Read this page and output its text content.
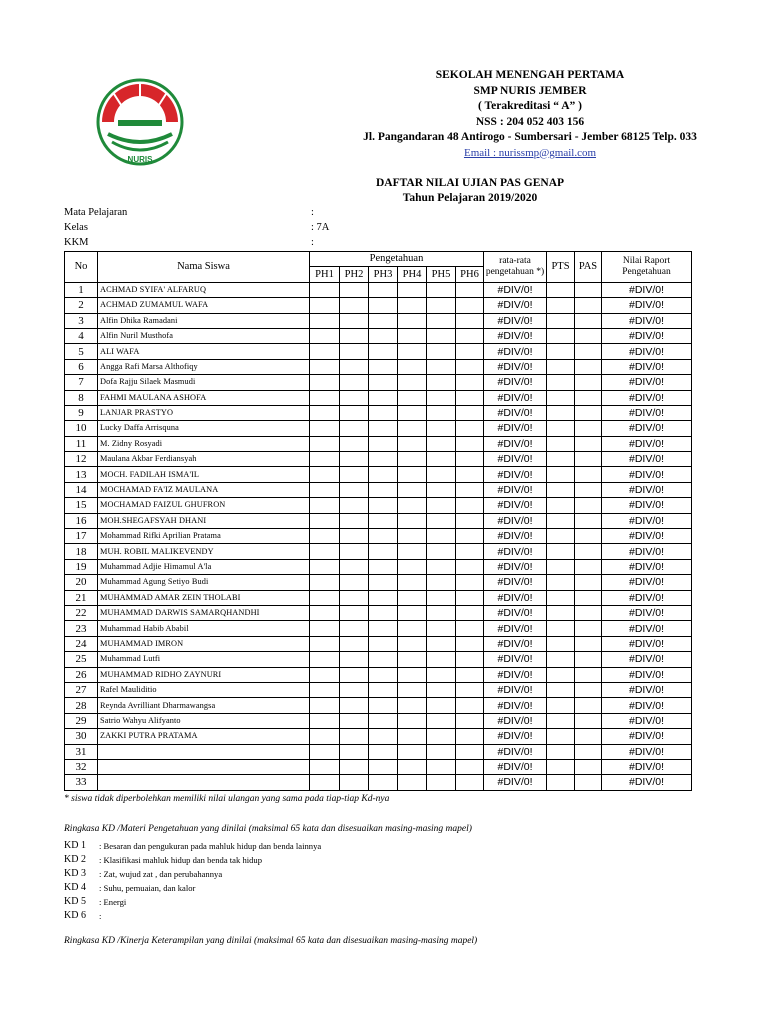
NURIS
SEKOLAH MENENGAH PERTAMA
SMP NURIS JEMBER
( Terakreditasi “ A” )
NSS : 204 052 403 156
Jl. Pangandaran 48 Antirogo - Sumbersari - Jember 68125 Telp. 033
Email : nurissmp@gmail.com
DAFTAR NILAI UJIAN PAS GENAP
Tahun Pelajaran 2019/2020
Mata Pelajaran	:
Kelas	: 7A
KKM	:
No	Nama Siswa	Pengetahuan						rata-rata pengetahuan *)	PTS	PAS	Nilai Raport Pengetahuan
		PH1	PH2	PH3	PH4	PH5	PH6				
1	ACHMAD SYIFA' ALFARUQ							#DIV/0!			#DIV/0!
2	ACHMAD ZUMAMUL WAFA							#DIV/0!			#DIV/0!
3	Alfin Dhika Ramadani							#DIV/0!			#DIV/0!
4	Alfin Nuril Musthofa							#DIV/0!			#DIV/0!
5	ALI WAFA							#DIV/0!			#DIV/0!
6	Angga Rafi Marsa Althofiqy							#DIV/0!			#DIV/0!
7	Dofa Rajju Silaek Masmudi							#DIV/0!			#DIV/0!
8	FAHMI MAULANA ASHOFA							#DIV/0!			#DIV/0!
9	LANJAR PRASTYO							#DIV/0!			#DIV/0!
10	Lucky Daffa Arrisquna							#DIV/0!			#DIV/0!
11	M. Zidny Rosyadi							#DIV/0!			#DIV/0!
12	Maulana Akbar Ferdiansyah							#DIV/0!			#DIV/0!
13	MOCH. FADILAH ISMA'IL							#DIV/0!			#DIV/0!
14	MOCHAMAD FA'IZ MAULANA							#DIV/0!			#DIV/0!
15	MOCHAMAD FAIZUL GHUFRON							#DIV/0!			#DIV/0!
16	MOH.SHEGAFSYAH DHANI							#DIV/0!			#DIV/0!
17	Mohammad Rifki Aprilian Pratama							#DIV/0!			#DIV/0!
18	MUH. ROBIL MALIKEVENDY							#DIV/0!			#DIV/0!
19	Muhammad Adjie Himamul A'la							#DIV/0!			#DIV/0!
20	Muhammad Agung Setiyo Budi							#DIV/0!			#DIV/0!
21	MUHAMMAD AMAR ZEIN THOLABI							#DIV/0!			#DIV/0!
22	MUHAMMAD DARWIS SAMARQHANDHI							#DIV/0!			#DIV/0!
23	Muhammad Habib Ababil							#DIV/0!			#DIV/0!
24	MUHAMMAD IMRON							#DIV/0!			#DIV/0!
25	Muhammad Lutfi							#DIV/0!			#DIV/0!
26	MUHAMMAD RIDHO ZAYNURI							#DIV/0!			#DIV/0!
27	Rafel Mauliditio							#DIV/0!			#DIV/0!
28	Reynda Avrilliant Dharmawangsa							#DIV/0!			#DIV/0!
29	Satrio Wahyu Alifyanto							#DIV/0!			#DIV/0!
30	ZAKKI PUTRA PRATAMA							#DIV/0!			#DIV/0!
31								#DIV/0!			#DIV/0!
32								#DIV/0!			#DIV/0!
33								#DIV/0!			#DIV/0!
* siswa tidak diperbolehkan memiliki nilai ulangan yang sama pada tiap-tiap Kd-nya
Ringkasa KD /Materi Pengetahuan yang dinilai (maksimal 65 kata dan disesuaikan masing-masing mapel)
KD 1	: Besaran dan pengukuran pada mahluk hidup dan benda lainnya
KD 2	: Klasifikasi mahluk hidup dan benda tak hidup
KD 3	: Zat, wujud zat , dan perubahannya
KD 4	: Suhu, pemuaian, dan kalor
KD 5	: Energi
KD 6	:
Ringkasa KD /Kinerja Keterampilan yang dinilai (maksimal 65 kata dan disesuaikan masing-masing mapel)
